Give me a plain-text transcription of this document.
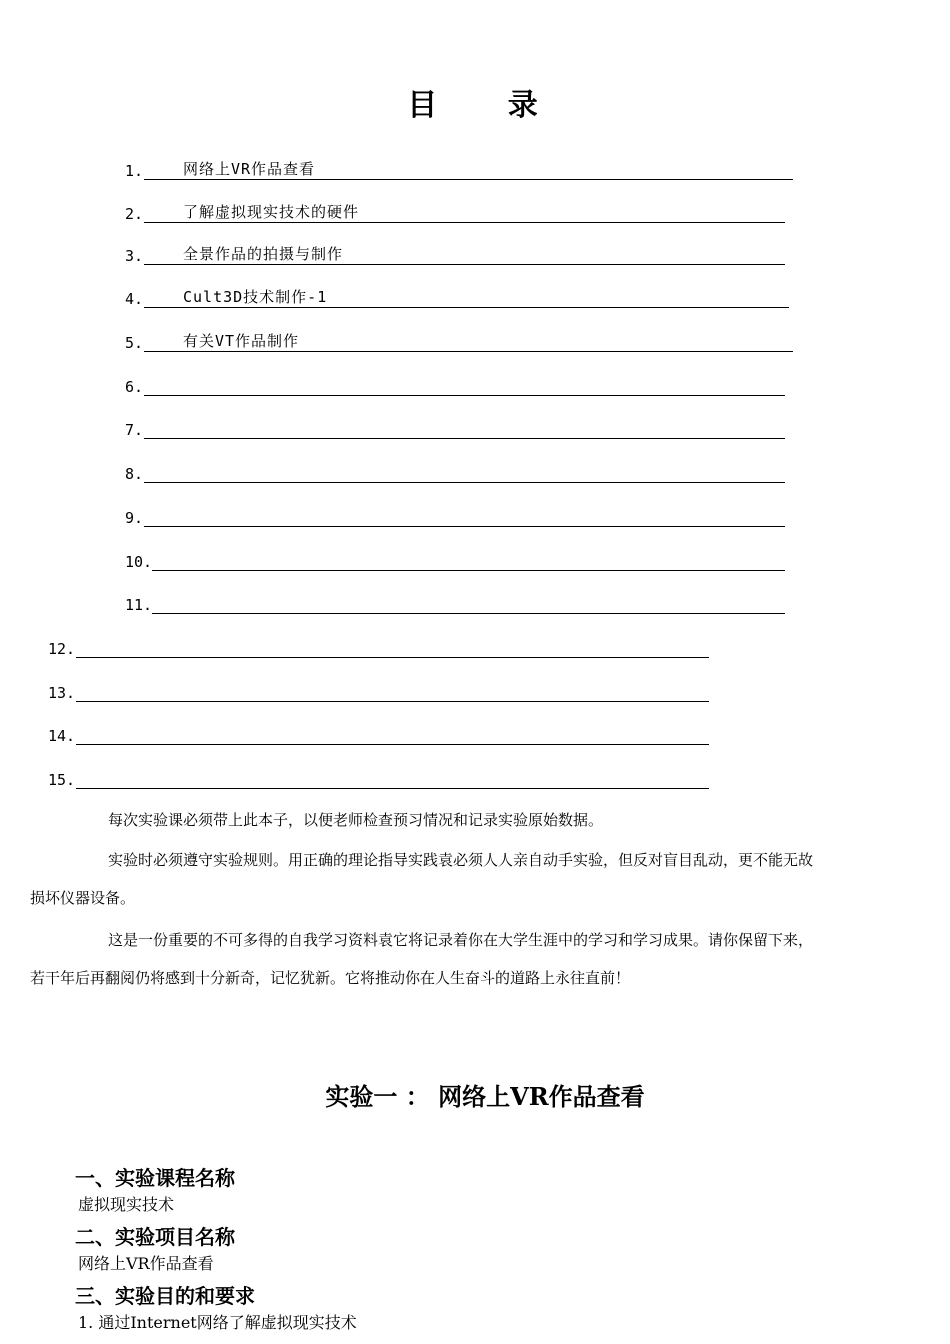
目 录
1.	网络上VR作品查看
2.	了解虚拟现实技术的硬件
3.	全景作品的拍摄与制作
4.	Cult3D技术制作-1
5.	有关VT作品制作
6.
7.
8.
9.
10.
11.
12.
13.
14.
15.
每次实验课必须带上此本子，以便老师检查预习情况和记录实验原始数据。
实验时必须遵守实验规则。用正确的理论指导实践袁必须人人亲自动手实验，但反对盲目乱动，更不能无故
损坏仪器设备。
这是一份重要的不可多得的自我学习资料袁它将记录着你在大学生涯中的学习和学习成果。请你保留下来，
若干年后再翻阅仍将感到十分新奇，记忆犹新。它将推动你在人生奋斗的道路上永往直前！
实验一 ： 网络上VR作品查看
一、实验课程名称
虚拟现实技术
二、实验项目名称
网络上VR作品查看
三、实验目的和要求
1. 通过Internet网络了解虚拟现实技术
